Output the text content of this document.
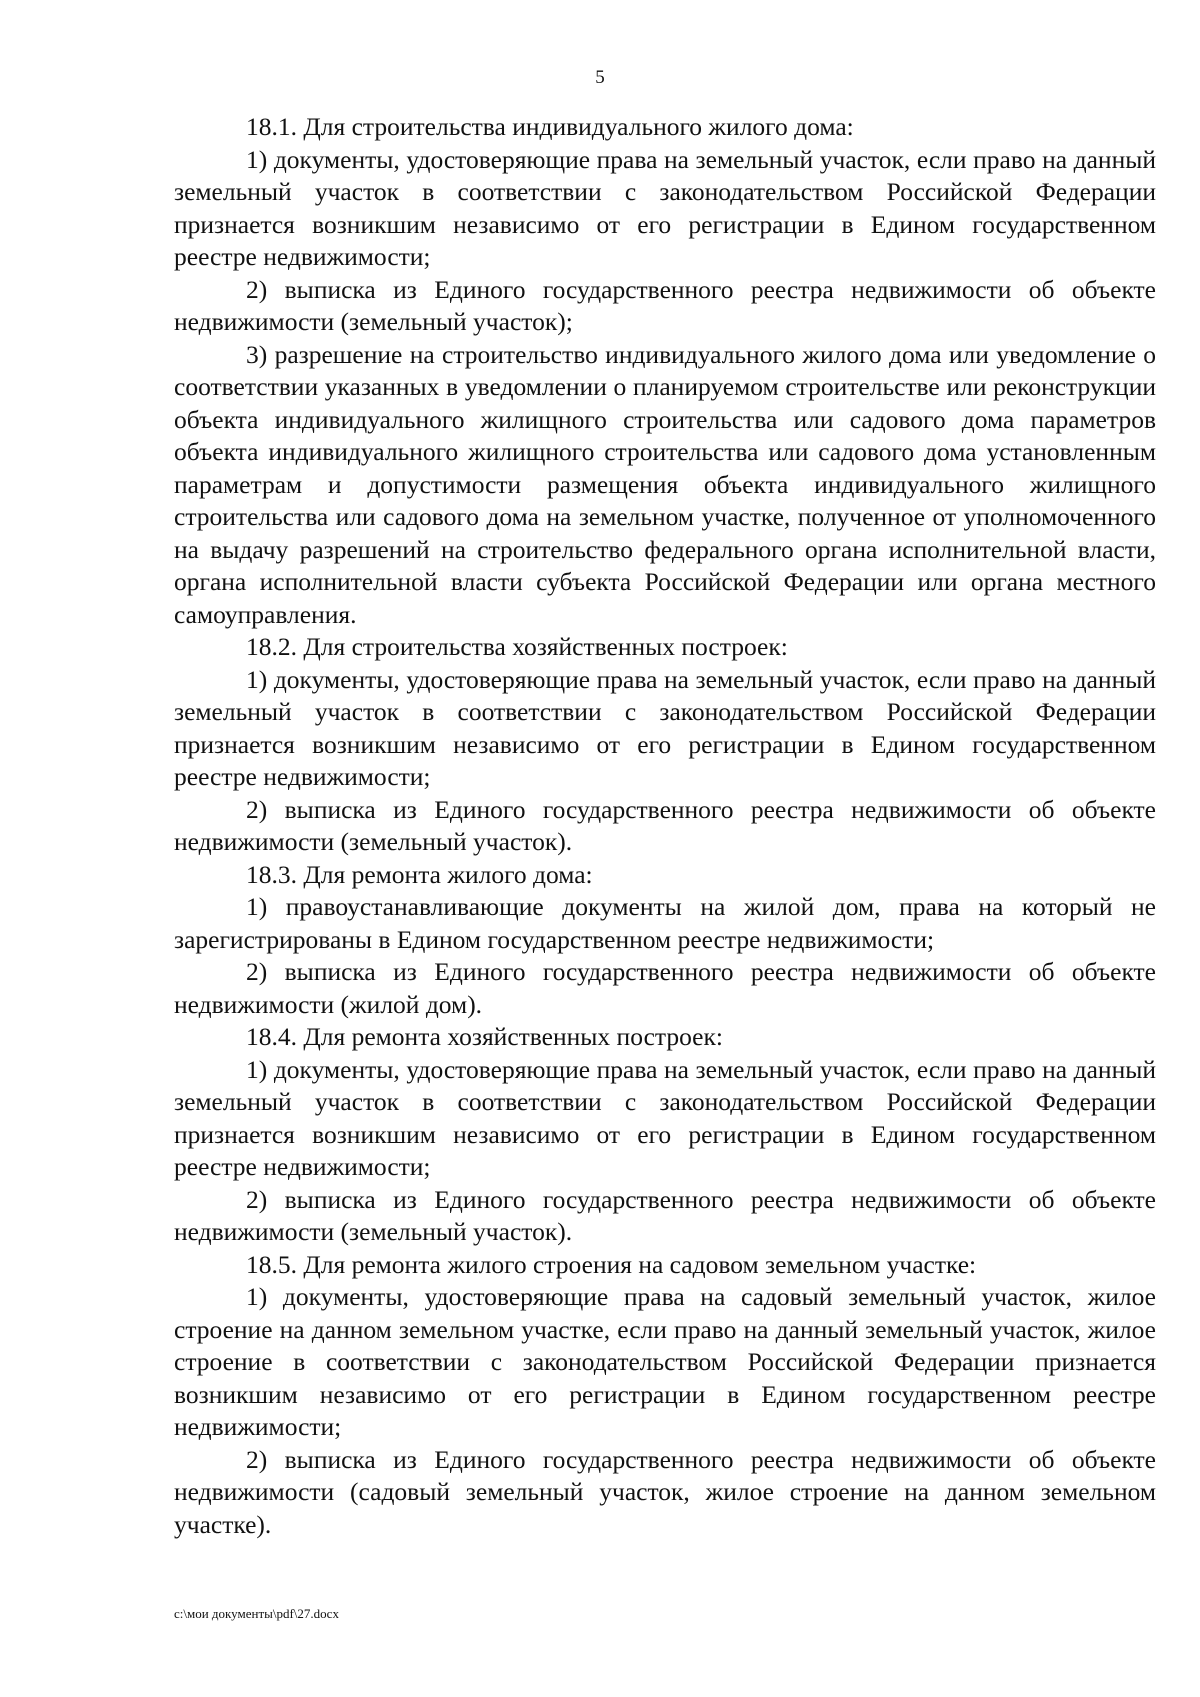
5

18.1. Для строительства индивидуального жилого дома:

1) документы, удостоверяющие права на земельный участок, если право на данный земельный участок в соответствии с законодательством Российской Федерации признается возникшим независимо от его регистрации в Едином государственном реестре недвижимости;

2) выписка из Единого государственного реестра недвижимости об объекте недвижимости (земельный участок);

3) разрешение на строительство индивидуального жилого дома или уведомление о соответствии указанных в уведомлении о планируемом строительстве или реконструкции объекта индивидуального жилищного строительства или садового дома параметров объекта индивидуального жилищного строительства или садового дома установленным параметрам и допустимости размещения объекта индивидуального жилищного строительства или садового дома на земельном участке, полученное от уполномоченного на выдачу разрешений на строительство федерального органа исполнительной власти, органа исполнительной власти субъекта Российской Федерации или органа местного самоуправления.

18.2. Для строительства хозяйственных построек:

1) документы, удостоверяющие права на земельный участок, если право на данный земельный участок в соответствии с законодательством Российской Федерации признается возникшим независимо от его регистрации в Едином государственном реестре недвижимости;

2) выписка из Единого государственного реестра недвижимости об объекте недвижимости (земельный участок).

18.3. Для ремонта жилого дома:

1) правоустанавливающие документы на жилой дом, права на который не зарегистрированы в Едином государственном реестре недвижимости;

2) выписка из Единого государственного реестра недвижимости об объекте недвижимости (жилой дом).

18.4. Для ремонта хозяйственных построек:

1) документы, удостоверяющие права на земельный участок, если право на данный земельный участок в соответствии с законодательством Российской Федерации признается возникшим независимо от его регистрации в Едином государственном реестре недвижимости;

2) выписка из Единого государственного реестра недвижимости об объекте недвижимости (земельный участок).

18.5. Для ремонта жилого строения на садовом земельном участке:

1) документы, удостоверяющие права на садовый земельный участок, жилое строение на данном земельном участке, если право на данный земельный участок, жилое строение в соответствии с законодательством Российской Федерации признается возникшим независимо от его регистрации в Едином государственном реестре недвижимости;

2) выписка из Единого государственного реестра недвижимости об объекте недвижимости (садовый земельный участок, жилое строение на данном земельном участке).

c:\мои документы\pdf\27.docx
